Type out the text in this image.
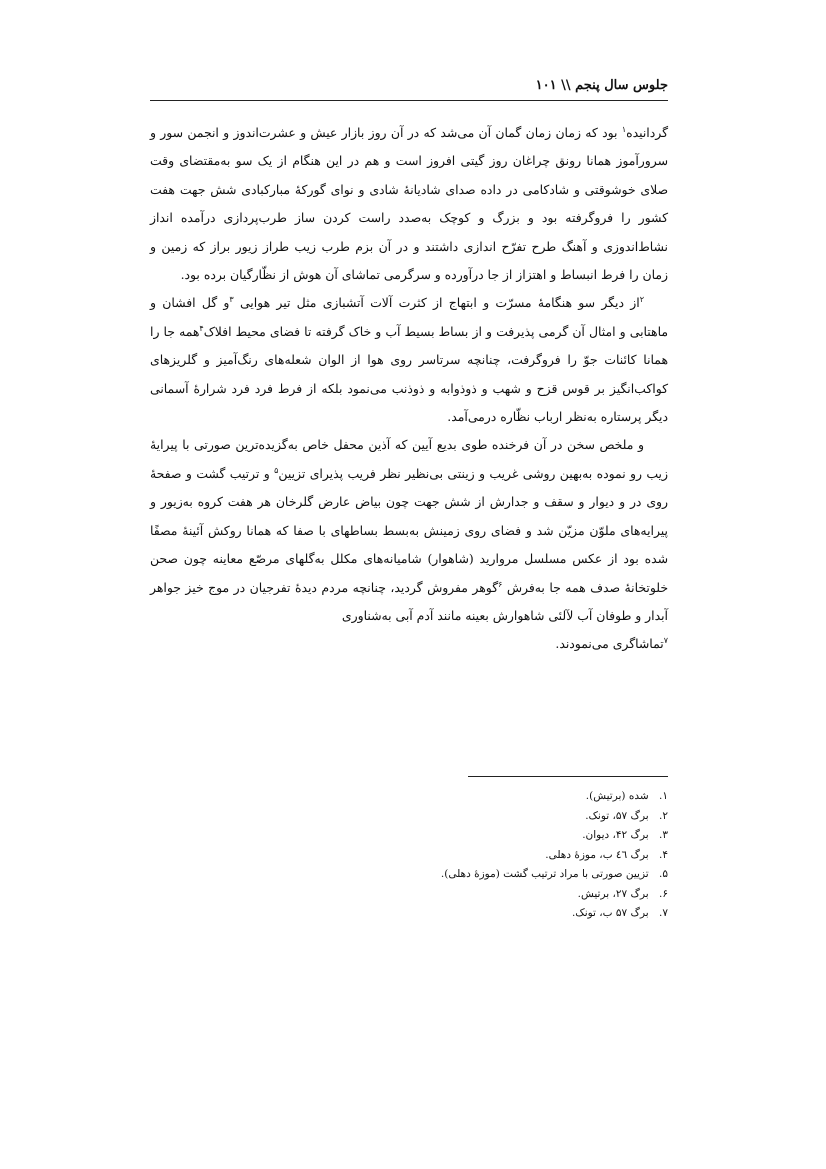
جلوس سال پنجم \\ ۱۰۱

گردانیده$^۱$ بود که زمان زمان گمان آن می‌شد که در آن روز بازار عیش و عشرت‌اندوز و انجمن سور و سرورآموز همانا رونق چراغان روز گیتی افروز است و هم در این هنگام از یک سو به‌مقتضای وقت صلای خوشوقتی و شادکامی در داده صدای شادیانهٔ شادی و نوای گورکهٔ مبارکبادی شش جهت هفت کشور را فروگرفته بود و بزرگ و کوچک به‌صدد راست کردن ساز طرب‌پردازی درآمده انداز نشاط‌اندوزی و آهنگ طرح تفرّح اندازی داشتند و در آن بزم طرب زیب طراز زیور براز که زمین و زمان را فرط انبساط و اهتزاز از جا درآورده و سرگرمی تماشای آن هوش از نظّارگیان برده بود.

$^۲$از دیگر سو هنگامهٔ مسرّت و ابتهاج از کثرت آلات آتشبازی مثل تیر هوایی $^۳$و گل افشان و ماهتابی و امثال آن گرمی پذیرفت و از بساط بسیط آب و خاک گرفته تا فضای محیط افلاک$^۴$همه جا را همانا کائنات جوّ را فروگرفت، چنانچه سرتاسر روی هوا از الوان شعله‌های رنگ‌آمیز و گلریزهای کواکب‌انگیز بر قوس قزح و شهب و ذوذوابه و ذوذنب می‌نمود بلکه از فرط فرد فرد شرارهٔ آسمانی دیگر پرستاره به‌نظر ارباب نظّاره درمی‌آمد.

و ملخص سخن در آن فرخنده طوی بدیع آیین که آذین محفل خاص به‌گزیده‌ترین صورتی با پیرایهٔ زیب رو نموده به‌بهین روشی غریب و زینتی بی‌نظیر نظر فریب پذیرای تزیین$^۵$ و ترتیب گشت و صفحهٔ روی در و دیوار و سقف و جدارش از شش جهت چون بیاض عارض گلرخان هر هفت کروه به‌زیور و پیرایه‌های ملوّن مزیّن شد و فضای روی زمینش به‌بسط بساطهای با صفا که همانا روکش آئینهٔ مصفًا شده بود از عکس مسلسل مروارید (شاهوار) شامیانه‌های مکلل به‌گلهای مرصّع معاینه چون صحن خلوتخانهٔ صدف همه جا به‌فرش $^۶$گوهر مفروش گردید، چنانچه مردم دیدهٔ تفرجیان در موج خیز جواهر آبدار و طوفان آب لآلئی شاهوارش بعینه مانند آدم آبی به‌شناوری
$^۷$تماشاگری می‌نمودند.

۱. شده (برتیش).
۲. برگ ۵۷، تونک.
۳. برگ ۴۲، دیوان.
۴. برگ ٤٦ ب، موزهٔ دهلی.
۵. تزیین صورتی با مراد ترتیب گشت (موزهٔ دهلی).
۶. برگ ۲۷، برتیش.
۷. برگ ۵۷ ب، تونک.
